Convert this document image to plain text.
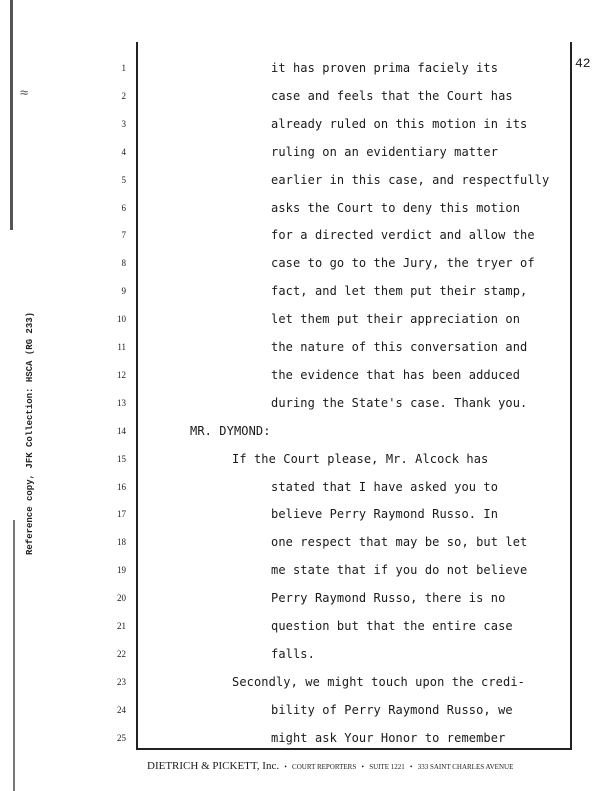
≈
Reference copy, JFK Collection: HSCA (RG 233)
42
1	it has proven prima faciely its
2	case and feels that the Court has
3	already ruled on this motion in its
4	ruling on an evidentiary matter
5	earlier in this case, and respectfully
6	asks the Court to deny this motion
7	for a directed verdict and allow the
8	case to go to the Jury, the tryer of
9	fact, and let them put their stamp,
10	let them put their appreciation on
11	the nature of this conversation and
12	the evidence that has been adduced
13	during the State's case. Thank you.
14	MR. DYMOND:
15	If the Court please, Mr. Alcock has
16	stated that I have asked you to
17	believe Perry Raymond Russo. In
18	one respect that may be so, but let
19	me state that if you do not believe
20	Perry Raymond Russo, there is no
21	question but that the entire case
22	falls.
23	Secondly, we might touch upon the credi-
24	bility of Perry Raymond Russo, we
25	might ask Your Honor to remember
DIETRICH & PICKETT, Inc. • COURT REPORTERS • SUITE 1221 • 333 SAINT CHARLES AVENUE
